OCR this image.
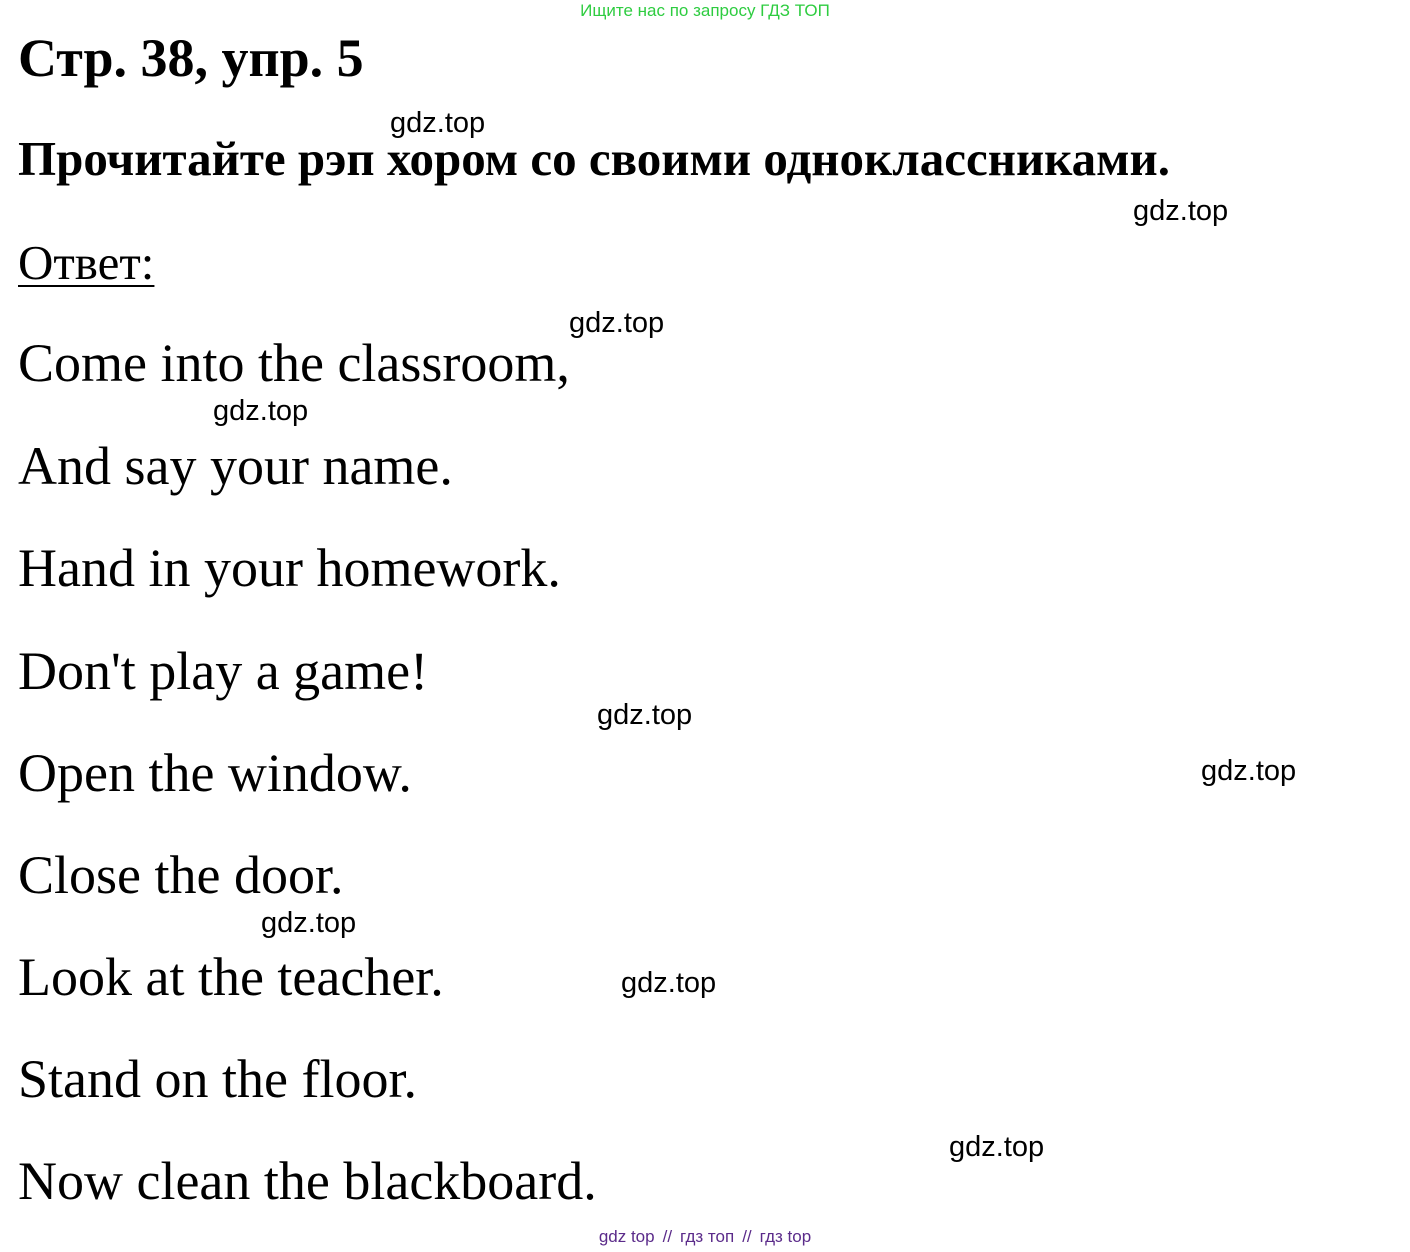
Ищите нас по запросу ГДЗ ТОП
Стр. 38, упр. 5
gdz.top
Прочитайте рэп хором со своими одноклассниками.
gdz.top
Ответ:
gdz.top
Come into the classroom,
gdz.top
And say your name.
Hand in your homework.
Don't play a game!
gdz.top
Open the window.	gdz.top
Close the door.
gdz.top
Look at the teacher.	gdz.top
Stand on the floor.
gdz.top
Now clean the blackboard.
gdz top // гдз топ // гдз top
